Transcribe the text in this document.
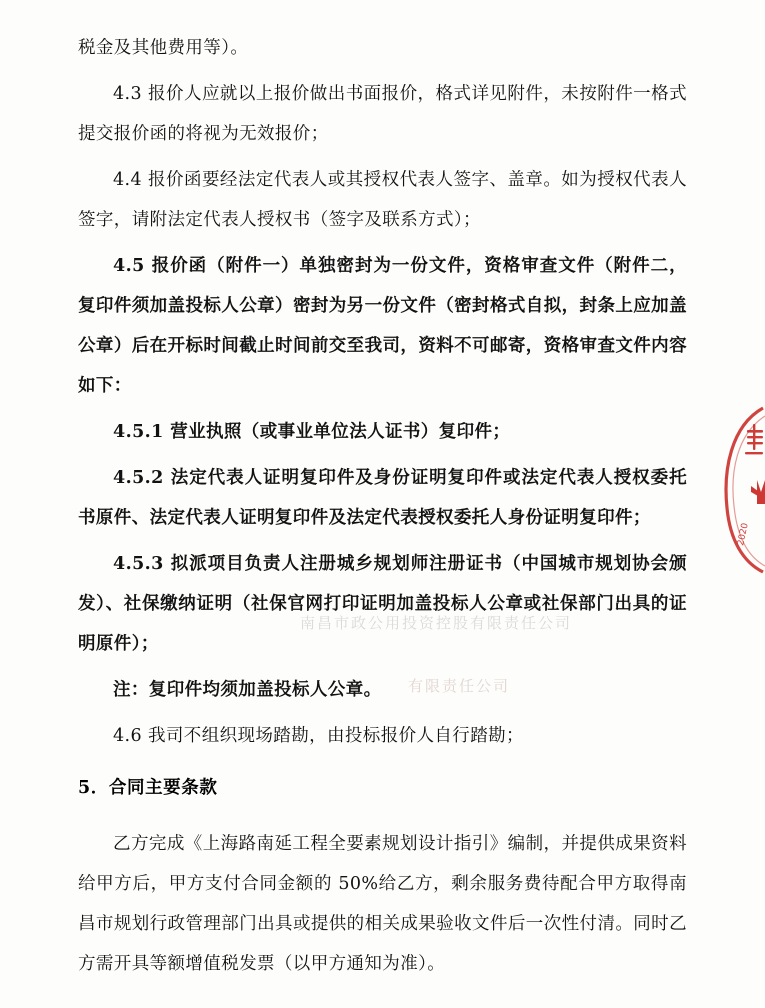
南昌市政公用投资控股有限责任公司
有限责任公司
2020

税金及其他费用等）。

4.3 报价人应就以上报价做出书面报价，格式详见附件，未按附件一格式提交报价函的将视为无效报价；

4.4 报价函要经法定代表人或其授权代表人签字、盖章。如为授权代表人签字，请附法定代表人授权书（签字及联系方式）；

4.5 报价函（附件一）单独密封为一份文件，资格审查文件（附件二，复印件须加盖投标人公章）密封为另一份文件（密封格式自拟，封条上应加盖公章）后在开标时间截止时间前交至我司，资料不可邮寄，资格审查文件内容如下：

4.5.1 营业执照（或事业单位法人证书）复印件；

4.5.2 法定代表人证明复印件及身份证明复印件或法定代表人授权委托书原件、法定代表人证明复印件及法定代表授权委托人身份证明复印件；

4.5.3 拟派项目负责人注册城乡规划师注册证书（中国城市规划协会颁发）、社保缴纳证明（社保官网打印证明加盖投标人公章或社保部门出具的证明原件）；

注：复印件均须加盖投标人公章。

4.6 我司不组织现场踏勘，由投标报价人自行踏勘；

5．合同主要条款

乙方完成《上海路南延工程全要素规划设计指引》编制，并提供成果资料给甲方后，甲方支付合同金额的 50%给乙方，剩余服务费待配合甲方取得南昌市规划行政管理部门出具或提供的相关成果验收文件后一次性付清。同时乙方需开具等额增值税发票（以甲方通知为准）。
